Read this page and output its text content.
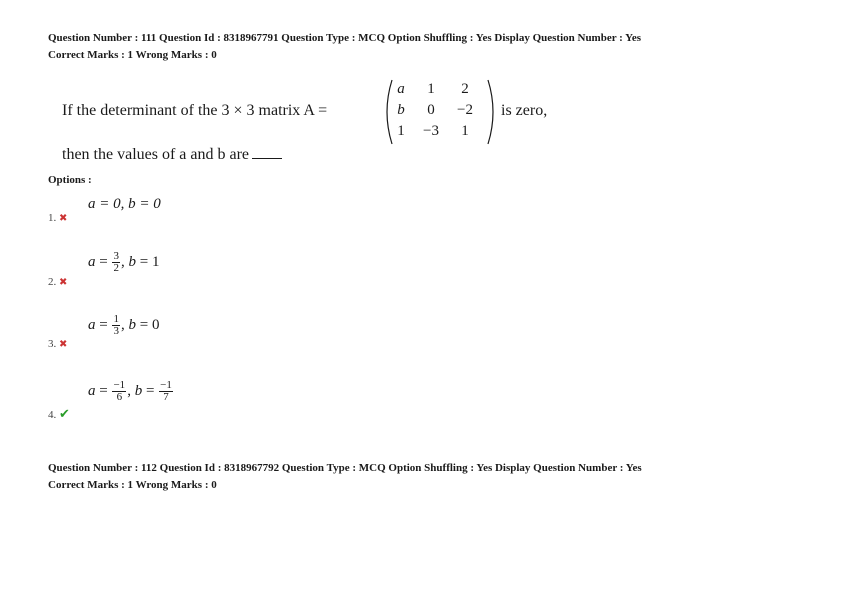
Question Number : 111 Question Id : 8318967791 Question Type : MCQ Option Shuffling : Yes Display Question Number : Yes
Correct Marks : 1 Wrong Marks : 0
If the determinant of the 3 × 3 matrix A =
a	1	2
b	0	−2
1	−3	1
is zero,
then the values of a and b are
Options :
a = 0, b = 0
1. ✖
$a = \frac{3}{2}$ , b = 1
2. ✖
$a = \frac{1}{3}$ , b = 0
3. ✖
$a = \frac{-1}{6}$ , $b = \frac{-1}{7}$
4. ✔
Question Number : 112 Question Id : 8318967792 Question Type : MCQ Option Shuffling : Yes Display Question Number : Yes
Correct Marks : 1 Wrong Marks : 0
